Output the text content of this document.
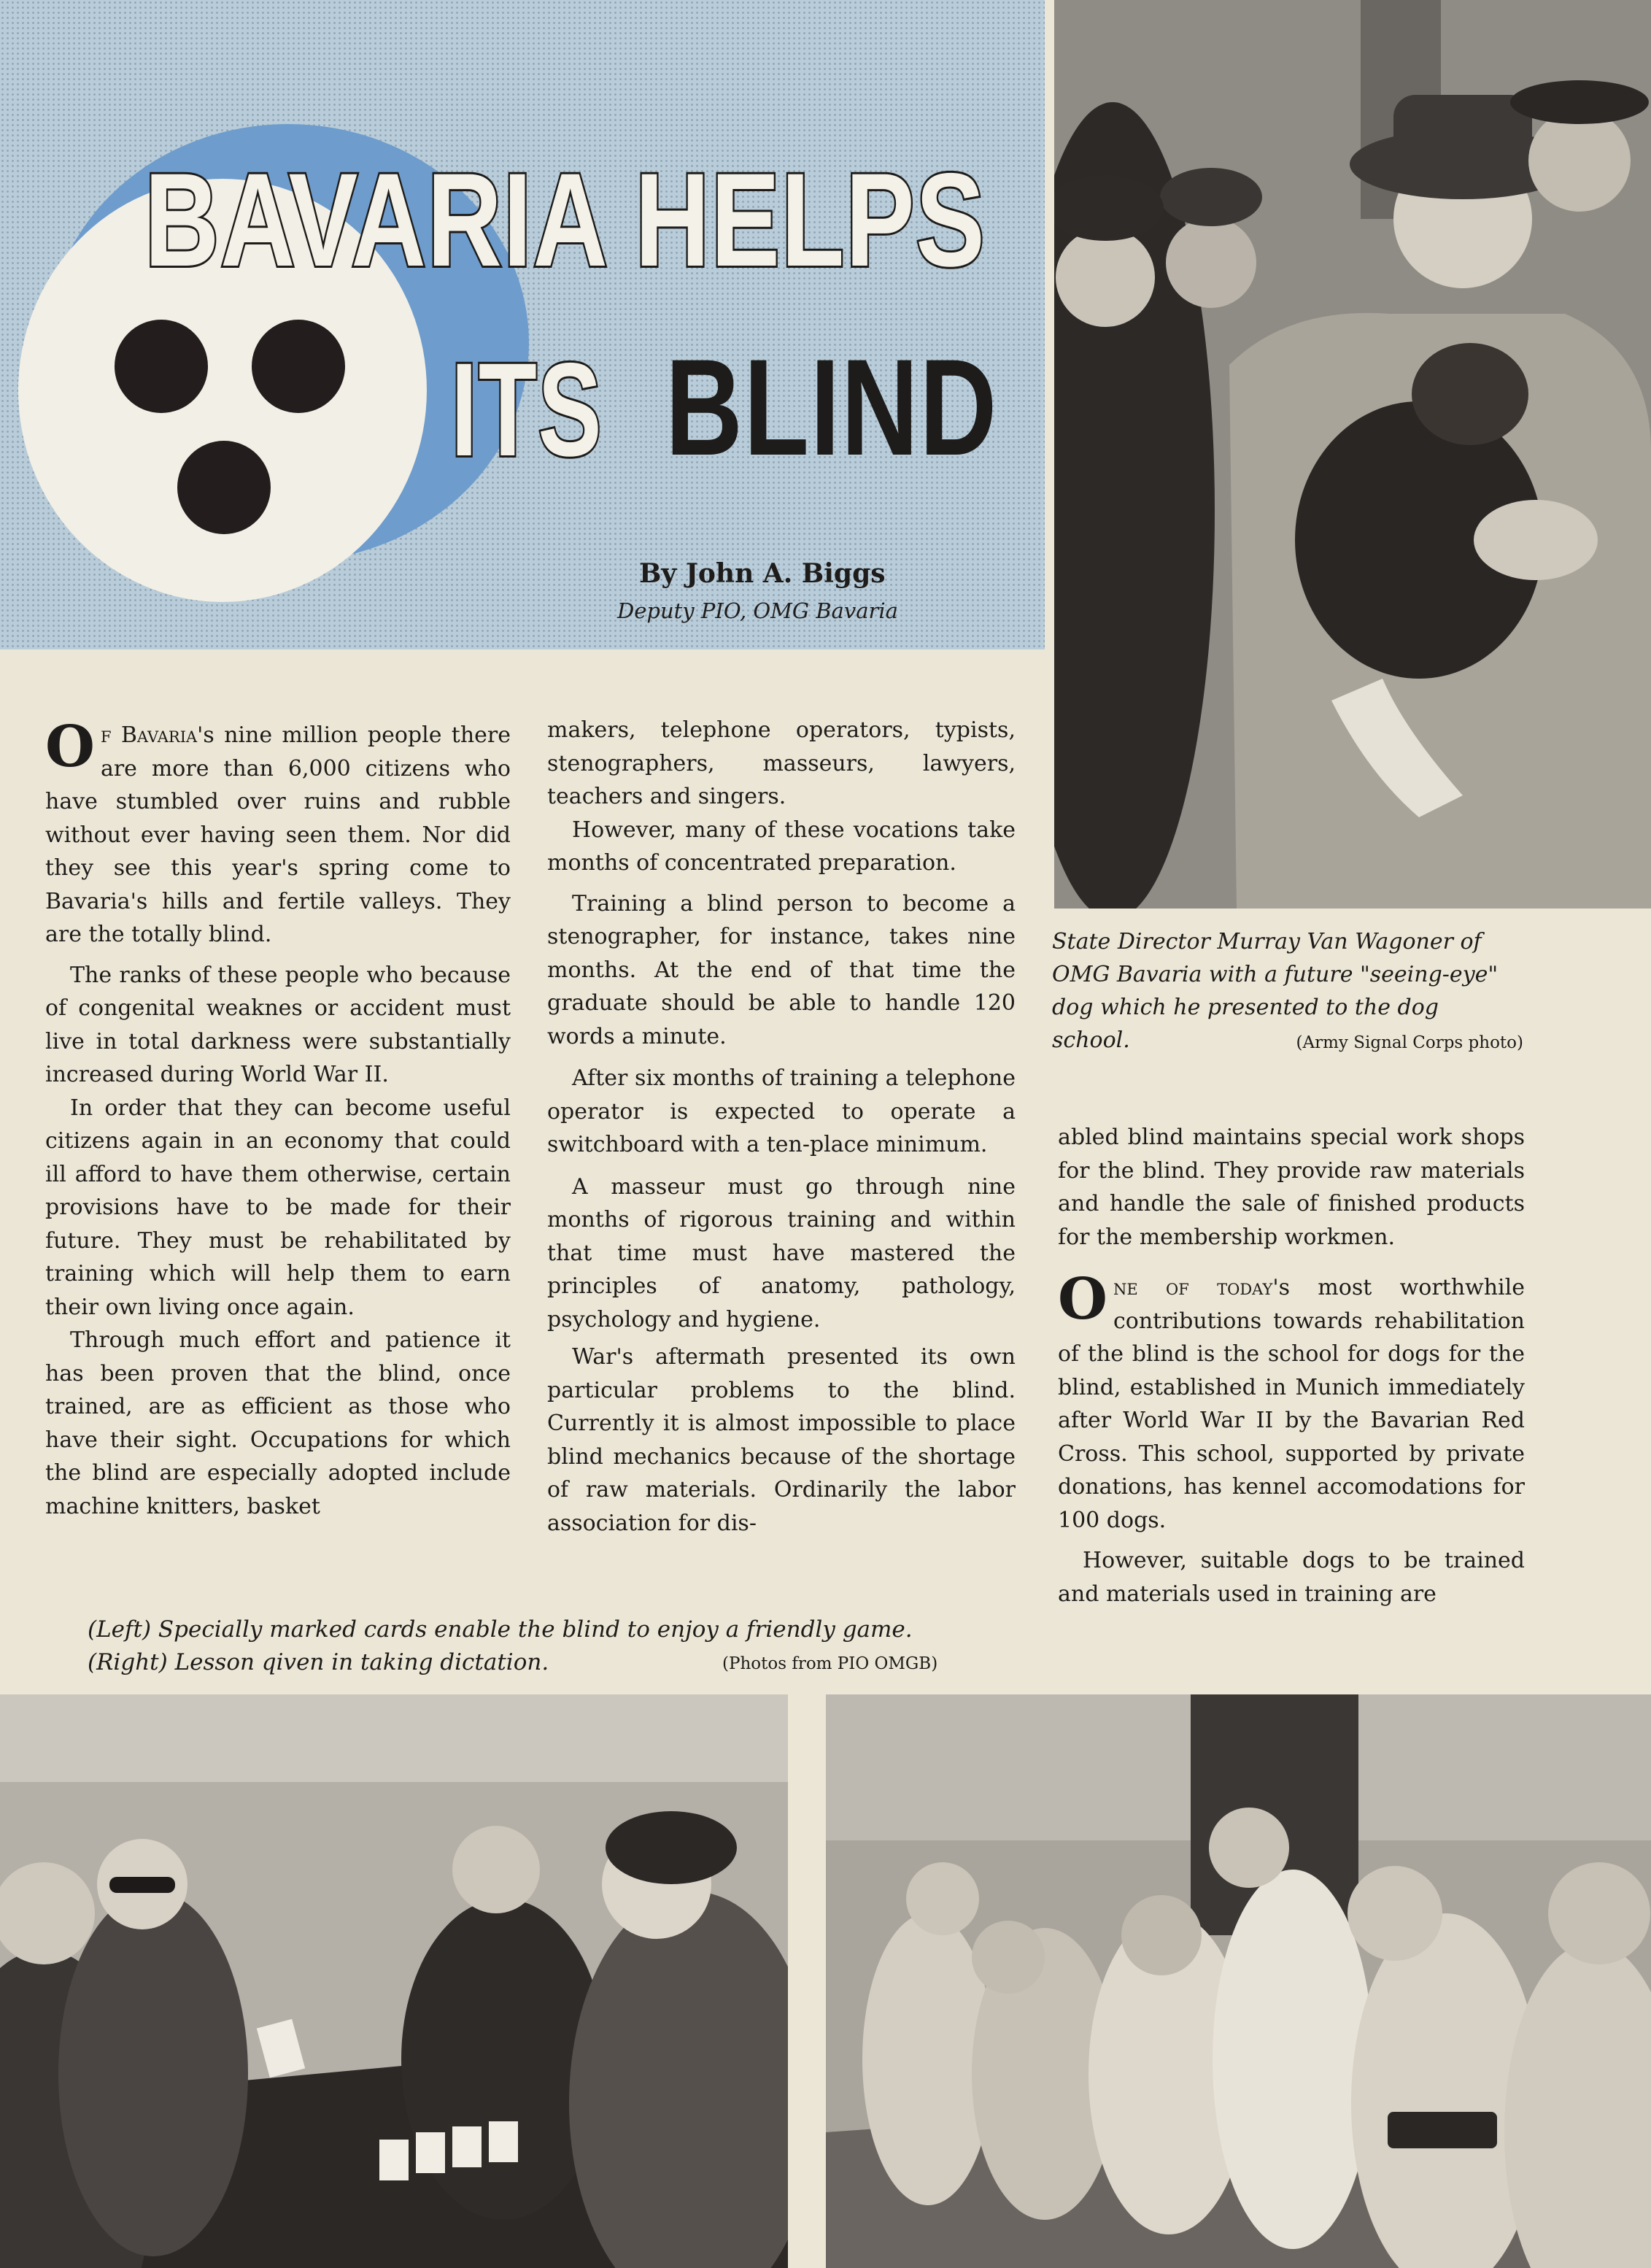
BAVARIA HELPS
ITS BLIND
By John A. Biggs
Deputy PIO, OMG Bavaria
State Director Murray Van Wagoner of OMG Bavaria with a future "seeing-eye" dog which he presented to the dog school.	(Army Signal Corps photo)

Of Bavaria's nine million people there are more than 6,000 citizens who have stumbled over ruins and rubble without ever having seen them. Nor did they see this year's spring come to Bavaria's hills and fertile valleys. They are the totally blind.

The ranks of these people who because of congenital weaknes or accident must live in total darkness were substantially increased during World War II.

In order that they can become useful citizens again in an economy that could ill afford to have them otherwise, certain provisions have to be made for their future. They must be rehabilitated by training which will help them to earn their own living once again.

Through much effort and patience it has been proven that the blind, once trained, are as efficient as those who have their sight. Occupations for which the blind are especially adopted include machine knitters, basket

makers, telephone operators, typists, stenographers, masseurs, lawyers, teachers and singers.

However, many of these vocations take months of concentrated preparation.

Training a blind person to become a stenographer, for instance, takes nine months. At the end of that time the graduate should be able to handle 120 words a minute.

After six months of training a telephone operator is expected to operate a switchboard with a ten-place minimum.

A masseur must go through nine months of rigorous training and within that time must have mastered the principles of anatomy, pathology, psychology and hygiene.

War's aftermath presented its own particular problems to the blind. Currently it is almost impossible to place blind mechanics because of the shortage of raw materials. Ordinarily the labor association for dis-

abled blind maintains special work shops for the blind. They provide raw materials and handle the sale of finished products for the membership workmen.

One of today's most worthwhile contributions towards rehabilitation of the blind is the school for dogs for the blind, established in Munich immediately after World War II by the Bavarian Red Cross. This school, supported by private donations, has kennel accomodations for 100 dogs.

However, suitable dogs to be trained and materials used in training are

(Left) Specially marked cards enable the blind to enjoy a friendly game.
(Right) Lesson qiven in taking dictation.	(Photos from PIO OMGB)
